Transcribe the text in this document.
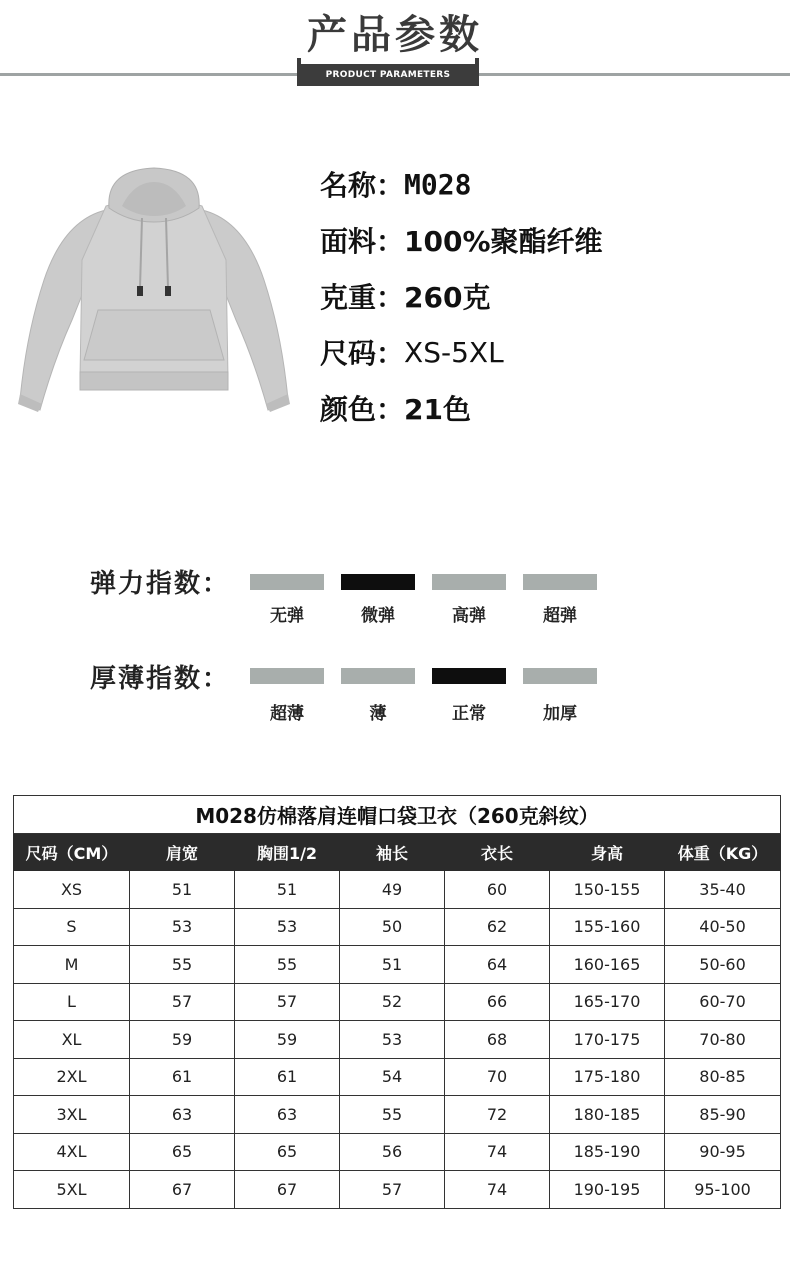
产品参数
PRODUCT PARAMETERS
名称： M028
面料： 100%聚酯纤维
克重： 260克
尺码： XS-5XL
颜色： 21色
弹力指数：
无弹	微弹	高弹	超弹
厚薄指数：
超薄	薄	正常	加厚
M028仿棉落肩连帽口袋卫衣（260克斜纹）						
尺码（CM）	肩宽	胸围1/2	袖长	衣长	身高	体重（KG）
XS	51	51	49	60	150-155	35-40
S	53	53	50	62	155-160	40-50
M	55	55	51	64	160-165	50-60
L	57	57	52	66	165-170	60-70
XL	59	59	53	68	170-175	70-80
2XL	61	61	54	70	175-180	80-85
3XL	63	63	55	72	180-185	85-90
4XL	65	65	56	74	185-190	90-95
5XL	67	67	57	74	190-195	95-100
